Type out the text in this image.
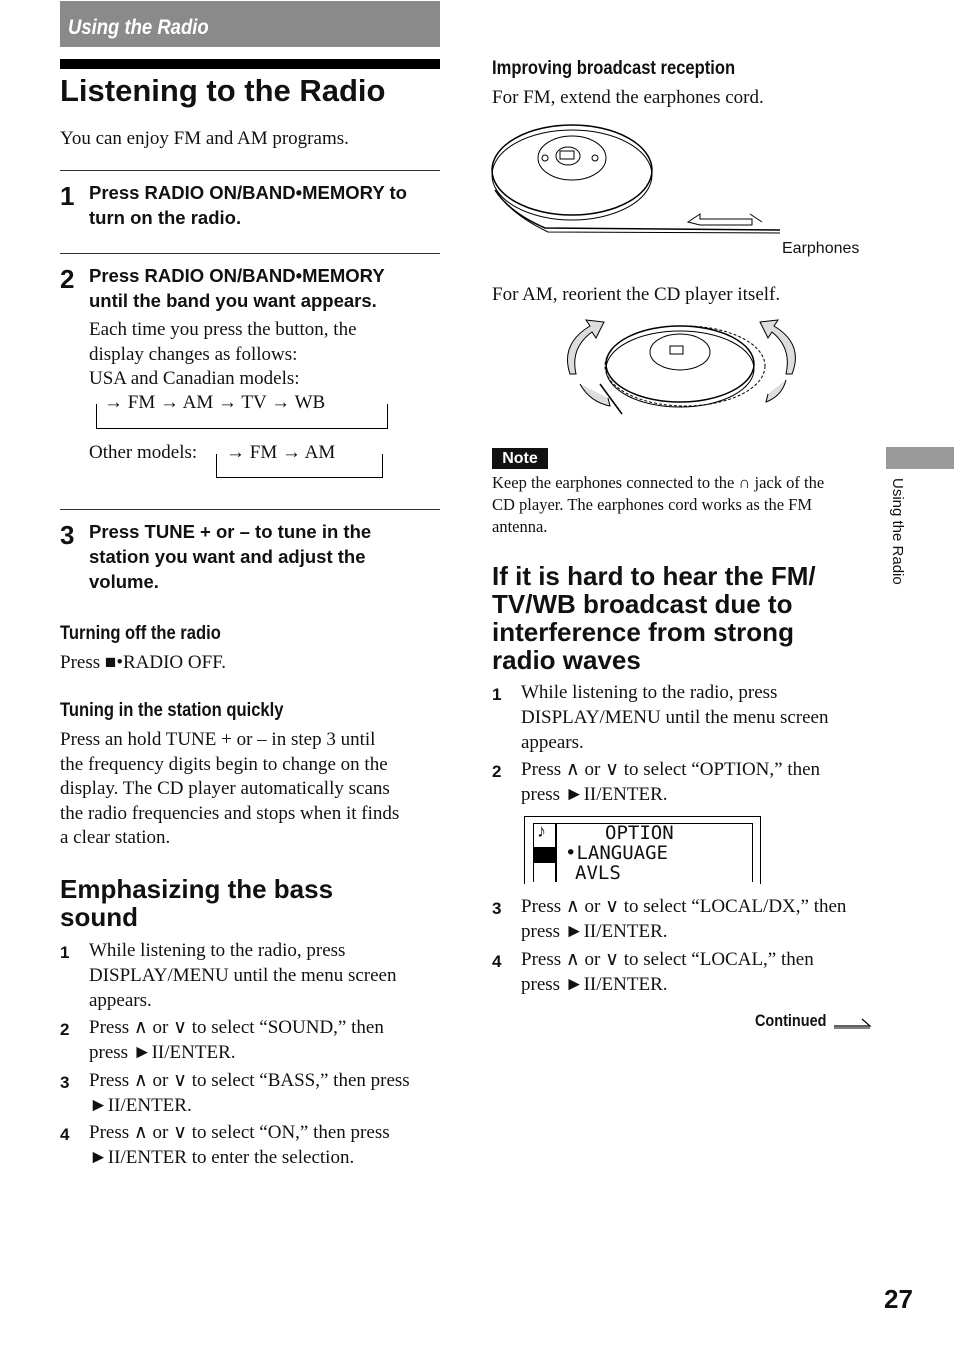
Using the Radio
Listening to the Radio
You can enjoy FM and AM programs.
1 Press RADIO ON/BAND•MEMORY to
turn on the radio.
2 Press RADIO ON/BAND•MEMORY
until the band you want appears.
Each time you press the button, the
display changes as follows:
USA and Canadian models:
→ FM → AM → TV → WB
Other models: → FM → AM
3 Press TUNE + or – to tune in the
station you want and adjust the
volume.
Turning off the radio
Press ■•RADIO OFF.
Tuning in the station quickly
Press an hold TUNE + or – in step 3 until
the frequency digits begin to change on the
display. The CD player automatically scans
the radio frequencies and stops when it finds
a clear station.
Emphasizing the bass
sound
1 While listening to the radio, press
DISPLAY/MENU until the menu screen
appears.
2 Press ∧ or ∨ to select “SOUND,” then
press ►II/ENTER.
3 Press ∧ or ∨ to select “BASS,” then press
►II/ENTER.
4 Press ∧ or ∨ to select “ON,” then press
►II/ENTER to enter the selection.
Improving broadcast reception
For FM, extend the earphones cord.
Earphones
For AM, reorient the CD player itself.
Note
Keep the earphones connected to the ∩ jack of the
CD player. The earphones cord works as the FM
antenna.
If it is hard to hear the FM/
TV/WB broadcast due to
interference from strong
radio waves
1 While listening to the radio, press
DISPLAY/MENU until the menu screen
appears.
2 Press ∧ or ∨ to select “OPTION,” then
press ►II/ENTER.
♪	OPTION
•LANGUAGE
AVLS
3 Press ∧ or ∨ to select “LOCAL/DX,” then
press ►II/ENTER.
4 Press ∧ or ∨ to select “LOCAL,” then
press ►II/ENTER.
Continued
Using the Radio
27
